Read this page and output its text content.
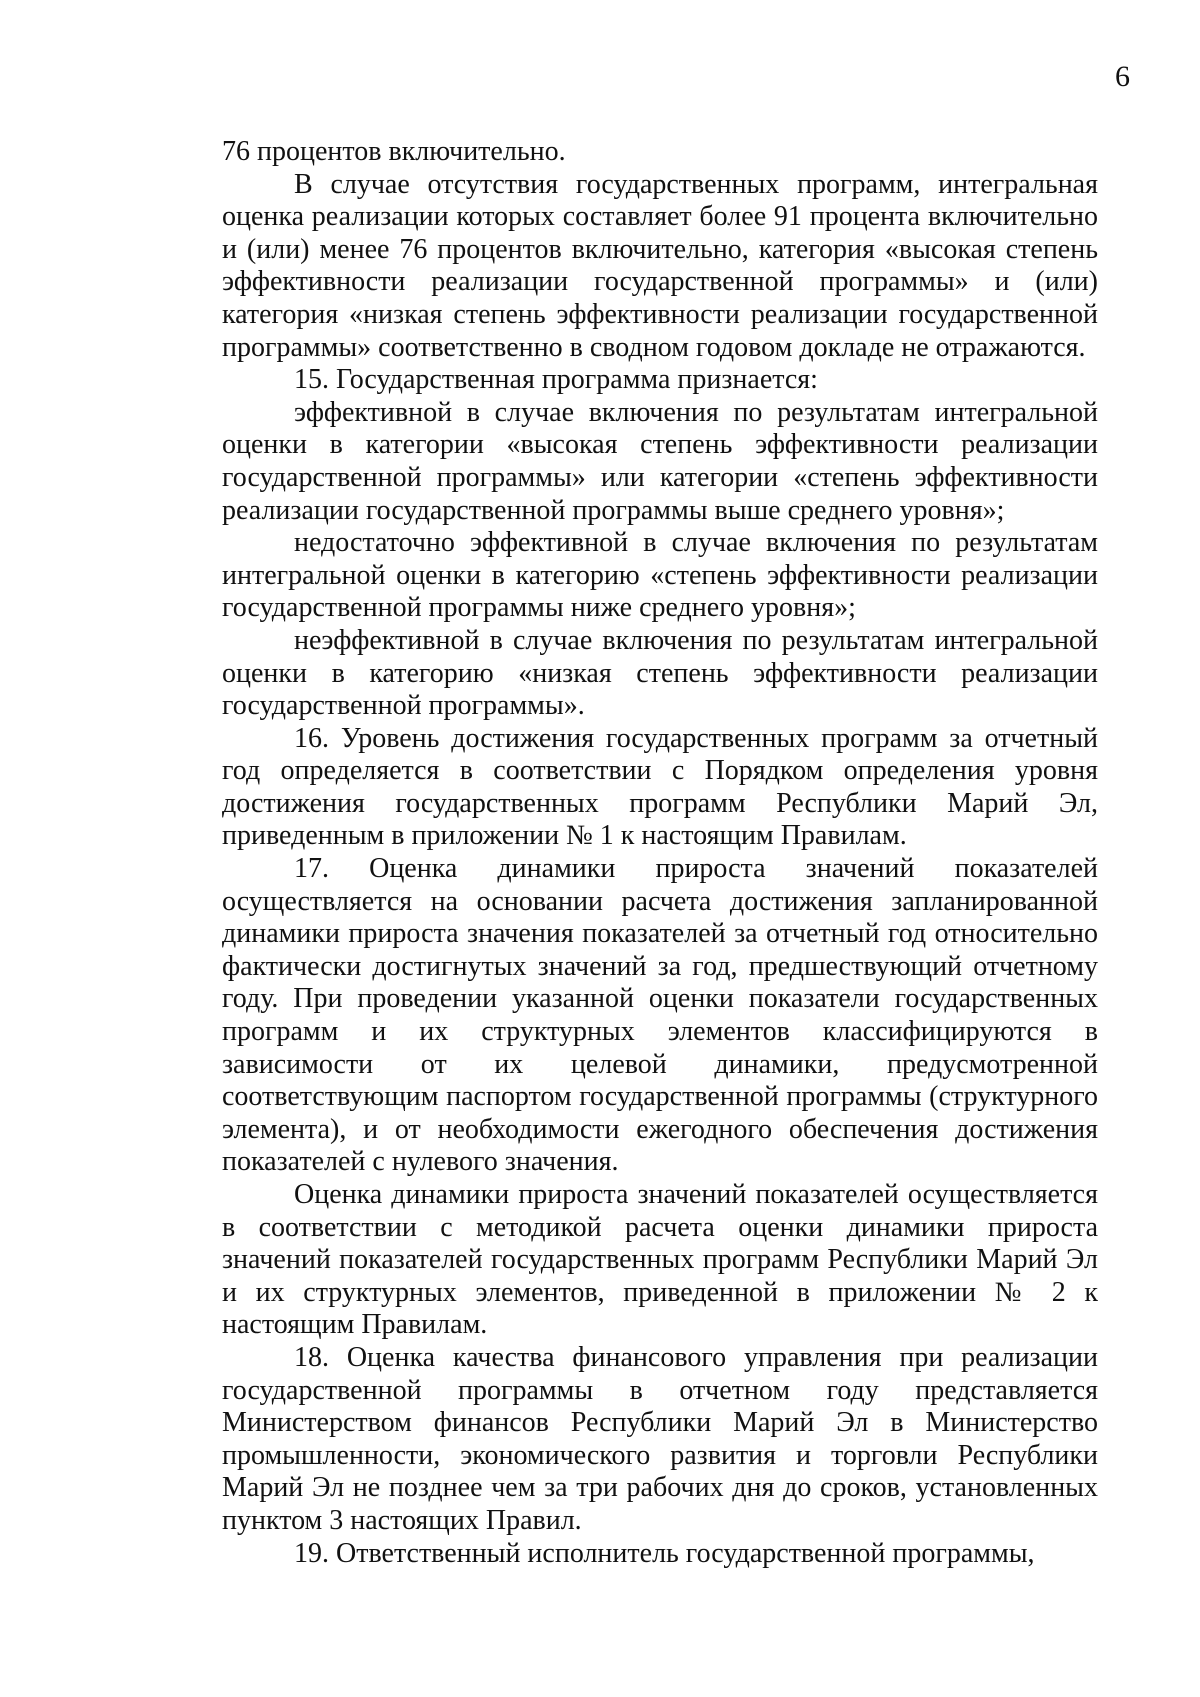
6

76 процентов включительно.

В случае отсутствия государственных программ, интегральная оценка реализации которых составляет более 91 процента включительно и (или) менее 76 процентов включительно, категория «высокая степень эффективности реализации государственной программы» и (или) категория «низкая степень эффективности реализации государственной программы» соответственно в сводном годовом докладе не отражаются.

15. Государственная программа признается:

эффективной в случае включения по результатам интегральной оценки в категории «высокая степень эффективности реализации государственной программы» или категории «степень эффективности реализации государственной программы выше среднего уровня»;

недостаточно эффективной в случае включения по результатам интегральной оценки в категорию «степень эффективности реализации государственной программы ниже среднего уровня»;

неэффективной в случае включения по результатам интегральной оценки в категорию «низкая степень эффективности реализации государственной программы».

16. Уровень достижения государственных программ за отчетный год определяется в соответствии с Порядком определения уровня достижения государственных программ Республики Марий Эл, приведенным в приложении № 1 к настоящим Правилам.

17. Оценка динамики прироста значений показателей осуществляется на основании расчета достижения запланированной динамики прироста значения показателей за отчетный год относительно фактически достигнутых значений за год, предшествующий отчетному году. При проведении указанной оценки показатели государственных программ и их структурных элементов классифицируются в зависимости от их целевой динамики, предусмотренной соответствующим паспортом государственной программы (структурного элемента), и от необходимости ежегодного обеспечения достижения показателей с нулевого значения.

Оценка динамики прироста значений показателей осуществляется в соответствии с методикой расчета оценки динамики прироста значений показателей государственных программ Республики Марий Эл и их структурных элементов, приведенной в приложении № 2 к настоящим Правилам.

18. Оценка качества финансового управления при реализации государственной программы в отчетном году представляется Министерством финансов Республики Марий Эл в Министерство промышленности, экономического развития и торговли Республики Марий Эл не позднее чем за три рабочих дня до сроков, установленных пунктом 3 настоящих Правил.

19. Ответственный исполнитель государственной программы,
